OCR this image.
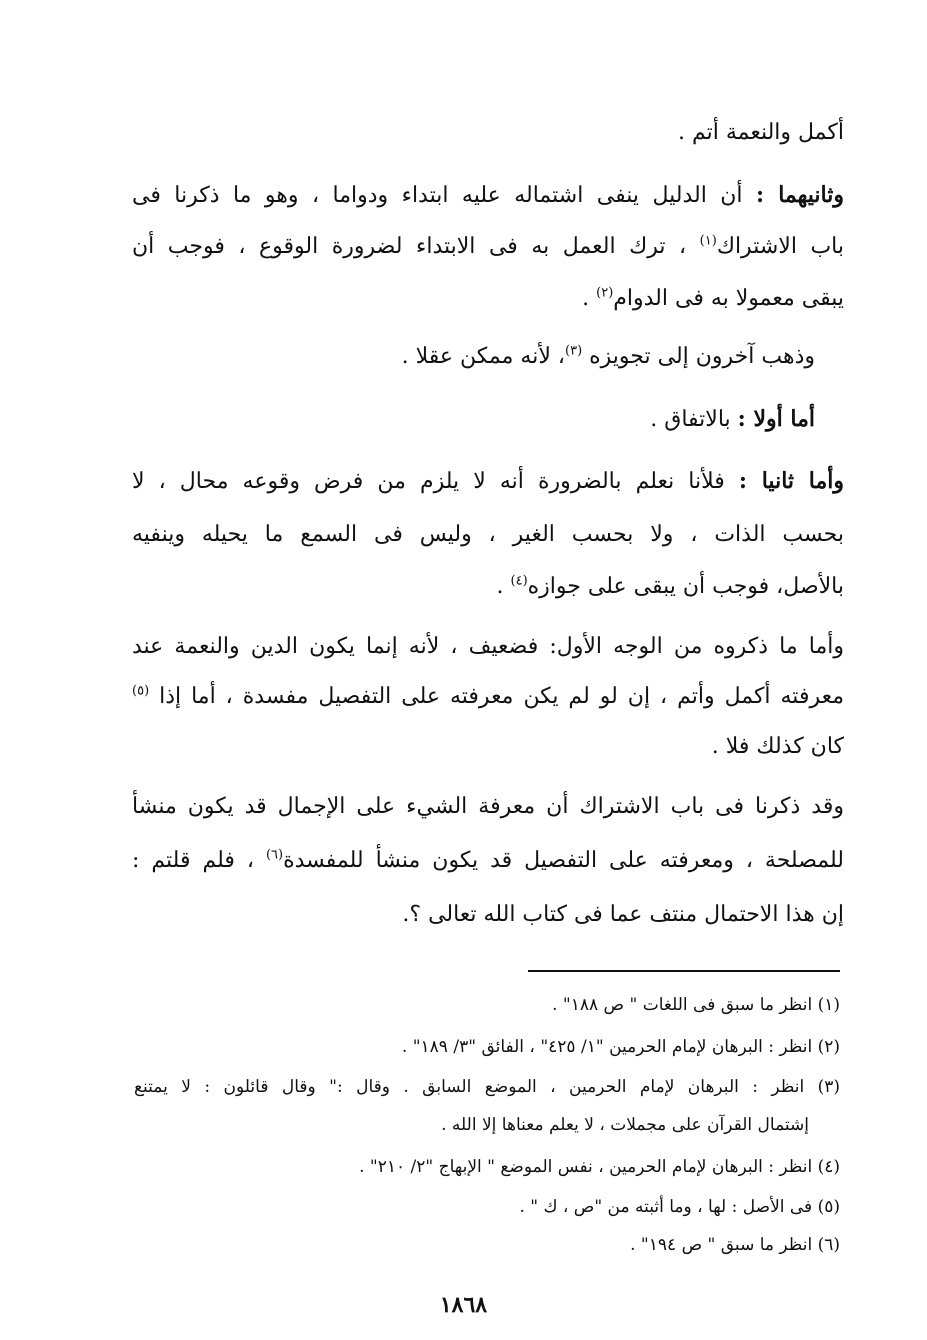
أكمل والنعمة أتم .
وثانيهما : أن الدليل ينفى اشتماله عليه ابتداء ودواما ، وهو ما ذكرنا فى
باب الاشتراك$^{(١)}$ ، ترك العمل به فى الابتداء لضرورة الوقوع ، فوجب أن
يبقى معمولا به فى الدوام$^{(٢)}$ .
وذهب آخرون إلى تجويزه $^{(٣)}$، لأنه ممكن عقلا .
أما أولا : بالاتفاق .
وأما ثانيا : فلأنا نعلم بالضرورة أنه لا يلزم من فرض وقوعه محال ، لا
بحسب الذات ، ولا بحسب الغير ، وليس فى السمع ما يحيله وينفيه
بالأصل، فوجب أن يبقى على جوازه$^{(٤)}$ .
وأما ما ذكروه من الوجه الأول: فضعيف ، لأنه إنما يكون الدين والنعمة عند
معرفته أكمل وأتم ، إن لو لم يكن معرفته على التفصيل مفسدة ، أما إذا $^{(٥)}$
كان كذلك فلا .
وقد ذكرنا فى باب الاشتراك أن معرفة الشيء على الإجمال قد يكون منشأ
للمصلحة ، ومعرفته على التفصيل قد يكون منشأ للمفسدة$^{(٦)}$ ، فلم قلتم :
إن هذا الاحتمال منتف عما فى كتاب الله تعالى ؟.
(١) انظر ما سبق فى اللغات " ص ١٨٨" .
(٢) انظر : البرهان لإمام الحرمين "١/ ٤٢٥" ، الفائق "٣/ ١٨٩" .
(٣) انظر : البرهان لإمام الحرمين ، الموضع السابق . وقال :" وقال قائلون : لا يمتنع
إشتمال القرآن على مجملات ، لا يعلم معناها إلا الله .
(٤) انظر : البرهان لإمام الحرمين ، نفس الموضع " الإبهاج "٢/ ٢١٠" .
(٥) فى الأصل : لها ، وما أثبته من "ص ، ك " .
(٦) انظر ما سبق " ص ١٩٤" .
١٨٦٨
